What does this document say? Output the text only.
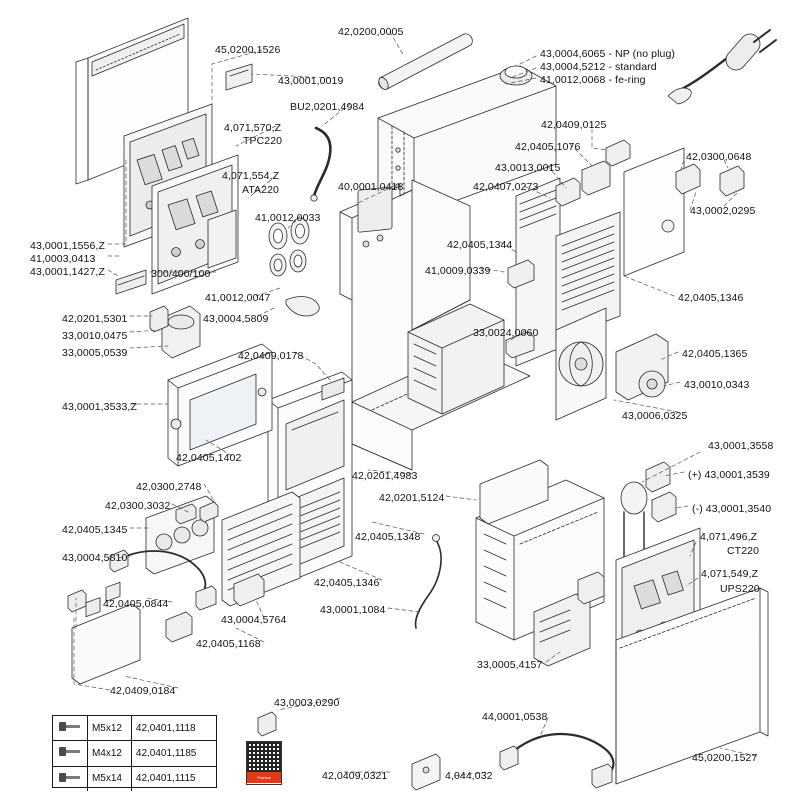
42,0200,0005
45,0200,1526	43,0004,6065 - NP (no plug)
43,0004,5212 - standard
41,0012,0068 - fe-ring
43,0001,0019
BU2,0201,4984
4,071,570,Z	42,0409,0125
TPC220	42,0405,1076
42,0300,0648
4,071,554,Z
43,0013,0015
40,0001,0418	42,0407,0273
ATA220
43,0002,0295
41,0012,0033
43,0001,1556,Z	42,0405,1344
41,0003,0413
41,0009,0339
43,0001,1427,Z	300/400/100
42,0405,1346
41,0012,0047
42,0201,5301	43,0004,5809
33,0010,0475	33,0024,0060
33,0005,0539	42,0405,1365
42,0409,0178
43,0010,0343
43,0001,3533,Z
43,0006,0325
43,0001,3558
42,0405,1402
42,0201,4983	(+) 43,0001,3539
42,0300,2748
42,0201,5124
42,0300,3032	(-) 43,0001,3540
42,0405,1345
42,0405,1348	4,071,496,Z
43,0004,5810
CT220
4,071,549,Z
42,0405,1346	UPS220
42,0405,0844	43,0001,1084
43,0004,5764
42,0405,1168
33,0005,4157
42,0409,0184
43,0003,0290
44,0001,0538
45,0200,1527
42,0409,0321	4,044,032
	M5x12	42,0401,1118
	M4x12	42,0401,1185
	M5x14	42,0401,1115	Fronius
